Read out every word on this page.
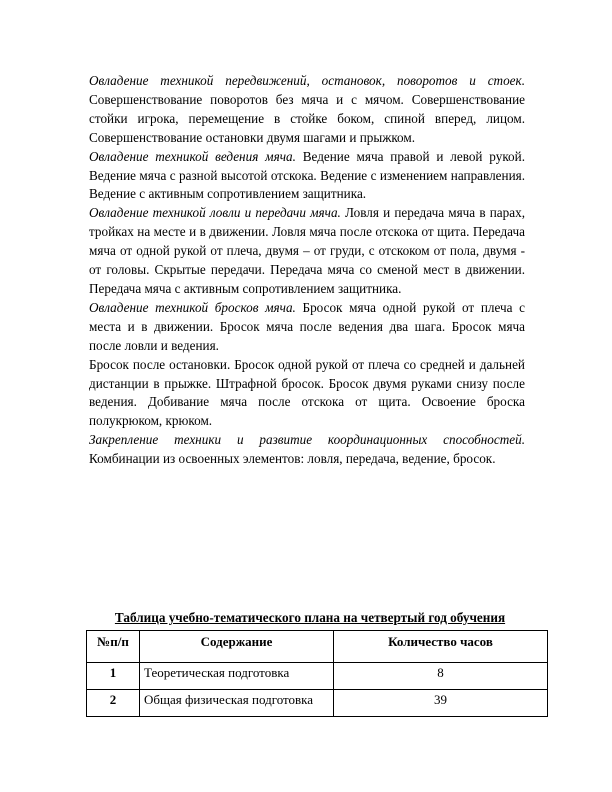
Овладение техникой передвижений, остановок, поворотов и стоек. Совершенствование поворотов без мяча и с мячом. Совершенствование стойки игрока, перемещение в стойке боком, спиной вперед, лицом. Совершенствование остановки двумя шагами и прыжком.

Овладение техникой ведения мяча. Ведение мяча правой и левой рукой. Ведение мяча с разной высотой отскока. Ведение с изменением направления. Ведение с активным сопротивлением защитника.

Овладение техникой ловли и передачи мяча. Ловля и передача мяча в парах, тройках на месте и в движении. Ловля мяча после отскока от щита. Передача мяча от одной рукой от плеча, двумя – от груди, с отскоком от пола, двумя - от головы. Скрытые передачи. Передача мяча со сменой мест в движении. Передача мяча с активным сопротивлением защитника.

Овладение техникой бросков мяча. Бросок мяча одной рукой от плеча с места и в движении. Бросок мяча после ведения два шага. Бросок мяча после ловли и ведения.

Бросок после остановки. Бросок одной рукой от плеча со средней и дальней дистанции в прыжке. Штрафной бросок. Бросок двумя руками снизу после ведения. Добивание мяча после отскока от щита. Освоение броска полукрюком, крюком.

Закрепление техники и развитие координационных способностей. Комбинации из освоенных элементов: ловля, передача, ведение, бросок.

Таблица учебно-тематического плана на четвертый год обучения
№п/п	Содержание	Количество часов
1	Теоретическая подготовка	8
2	Общая физическая подготовка	39
